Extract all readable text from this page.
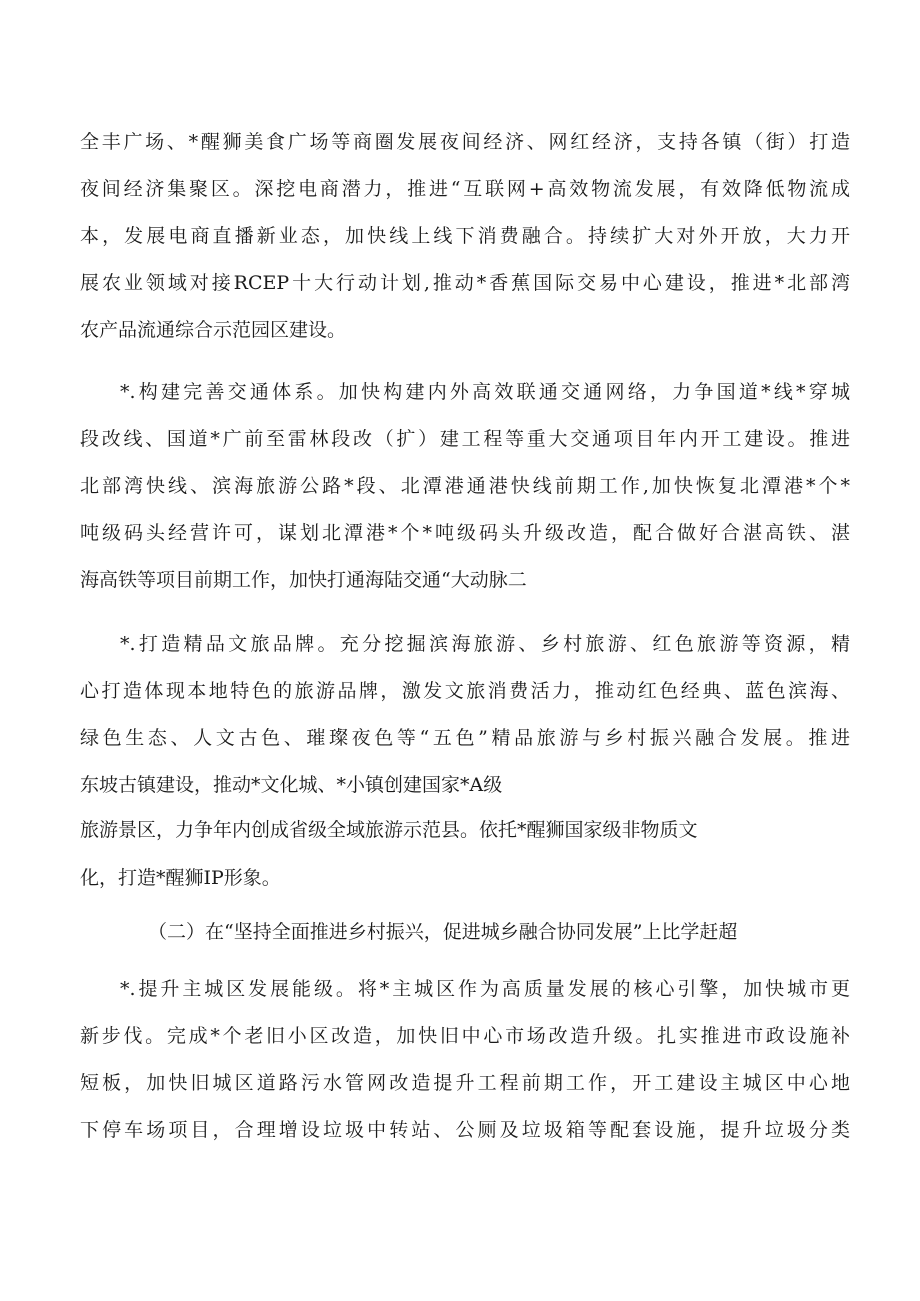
全丰广场、*醒狮美食广场等商圈发展夜间经济、网红经济，支持各镇（街）打造
夜间经济集聚区。深挖电商潜力，推进“互联网+高效物流发展，有效降低物流成
本，发展电商直播新业态，加快线上线下消费融合。持续扩大对外开放，大力开
展农业领域对接RCEP十大行动计划,推动*香蕉国际交易中心建设，推进*北部湾
农产品流通综合示范园区建设。
*.构建完善交通体系。加快构建内外高效联通交通网络，力争国道*线*穿城
段改线、国道*广前至雷林段改（扩）建工程等重大交通项目年内开工建设。推进
北部湾快线、滨海旅游公路*段、北潭港通港快线前期工作,加快恢复北潭港*个*
吨级码头经营许可，谋划北潭港*个*吨级码头升级改造，配合做好合湛高铁、湛
海高铁等项目前期工作，加快打通海陆交通“大动脉二
*.打造精品文旅品牌。充分挖掘滨海旅游、乡村旅游、红色旅游等资源，精
心打造体现本地特色的旅游品牌，激发文旅消费活力，推动红色经典、蓝色滨海、
绿色生态、人文古色、璀璨夜色等“五色”精品旅游与乡村振兴融合发展。推进
东坡古镇建设，推动*文化城、*小镇创建国家*A级
旅游景区，力争年内创成省级全域旅游示范县。依托*醒狮国家级非物质文
化，打造*醒狮IP形象。
（二）在“坚持全面推进乡村振兴，促进城乡融合协同发展”上比学赶超
*.提升主城区发展能级。将*主城区作为高质量发展的核心引擎，加快城市更
新步伐。完成*个老旧小区改造，加快旧中心市场改造升级。扎实推进市政设施补
短板，加快旧城区道路污水管网改造提升工程前期工作，开工建设主城区中心地
下停车场项目，合理增设垃圾中转站、公厕及垃圾箱等配套设施，提升垃圾分类
